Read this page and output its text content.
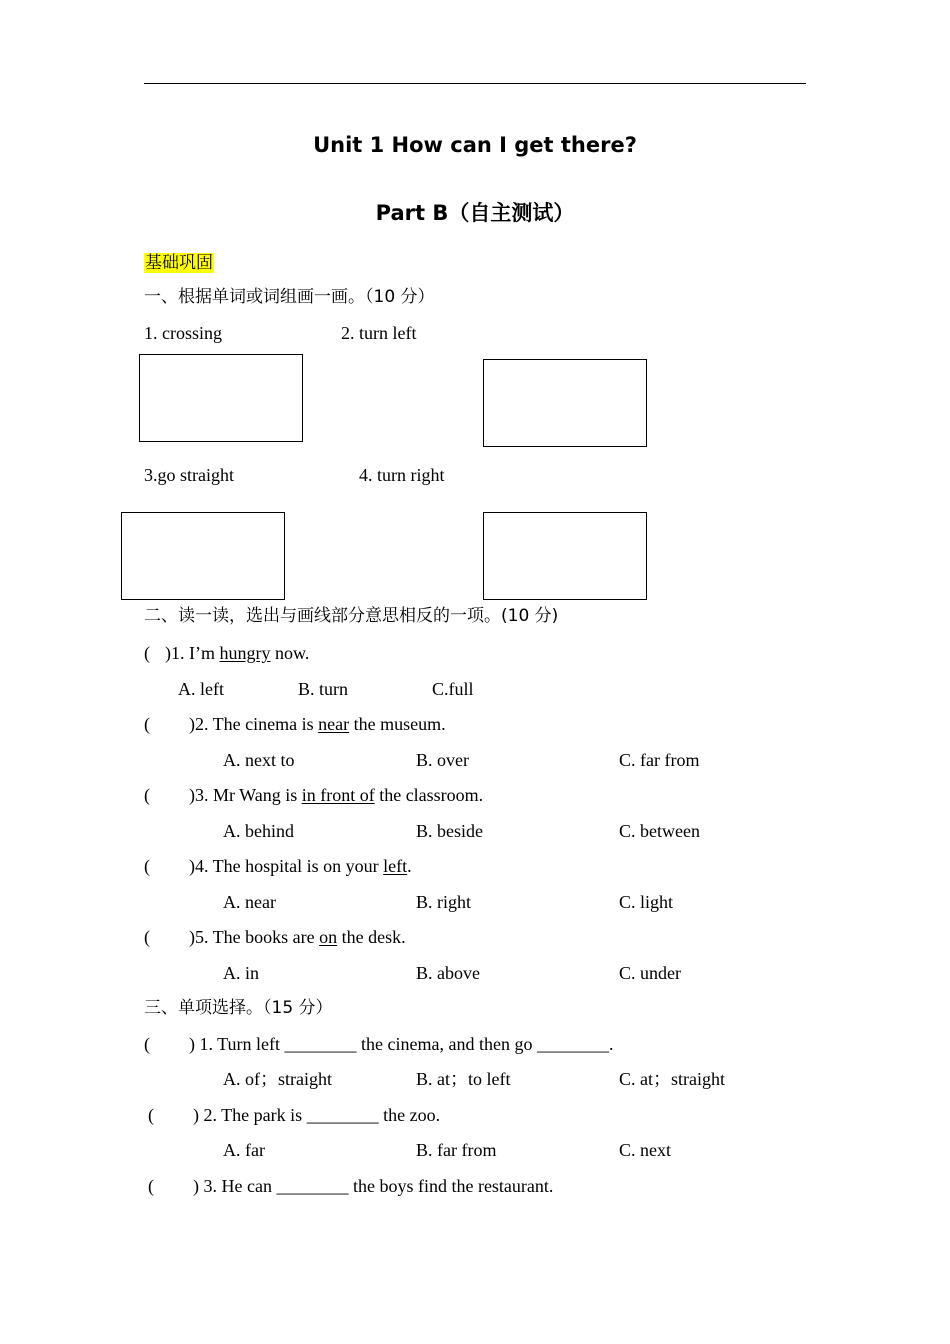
Unit 1 How can I get there?
Part B（自主测试）
基础巩固
一、根据单词或词组画一画。（10 分）
1. crossing	2. turn left
3.go straight	4. turn right
二、读一读，选出与画线部分意思相反的一项。(10 分)
( )1. I’m hungry now.
A. left	B. turn	C.full
( )2. The cinema is near the museum.
A. next to	B. over	C. far from
( )3. Mr Wang is in front of the classroom.
A. behind	B. beside	C. between
( )4. The hospital is on your left.
A. near	B. right	C. light
( )5. The books are on the desk.
A. in	B. above	C. under
三、单项选择。（15 分）
( ) 1. Turn left ________ the cinema, and then go ________.
A. of；straight	B. at；to left	C. at；straight
( ) 2. The park is ________ the zoo.
A. far	B. far from	C. next
( ) 3. He can ________ the boys find the restaurant.
